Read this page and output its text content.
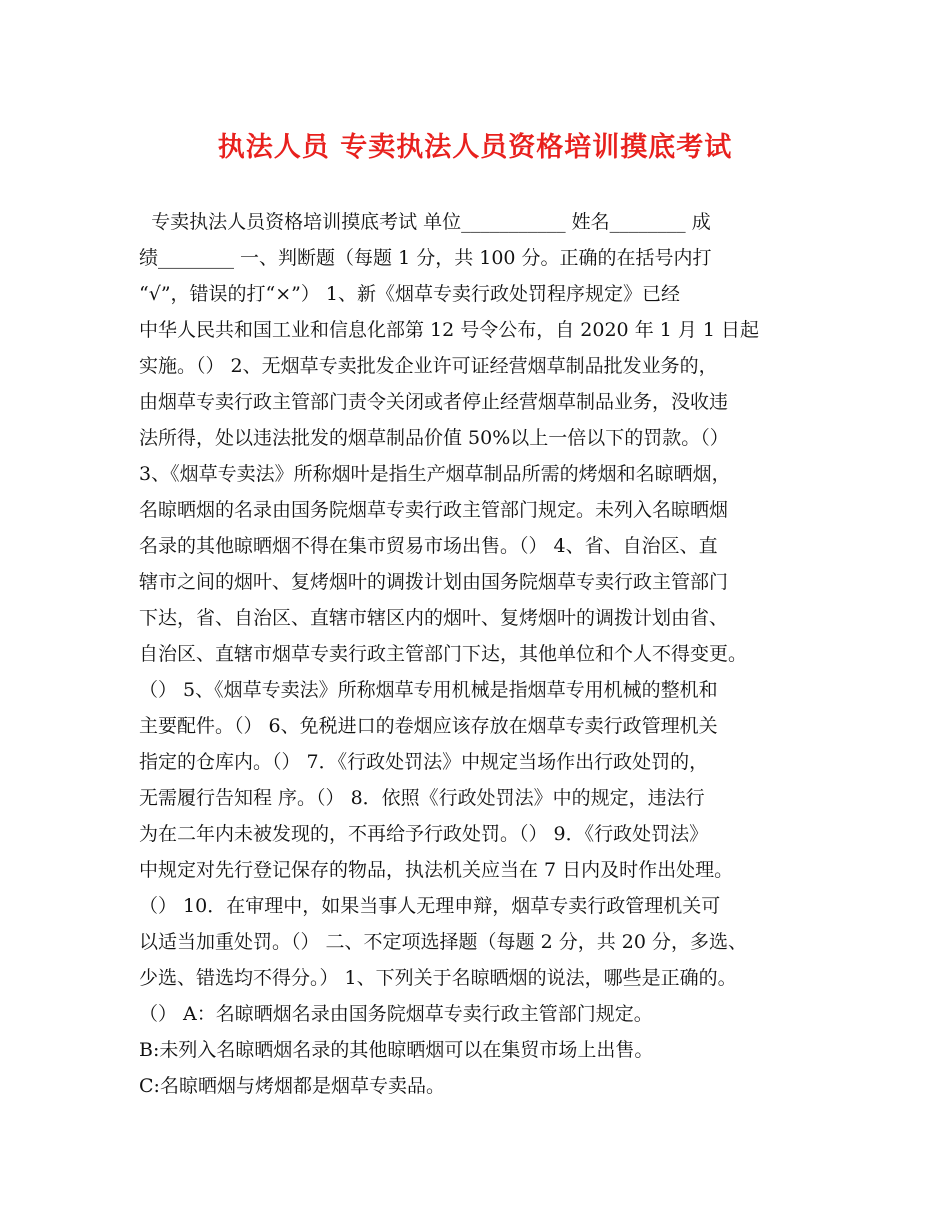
执法人员 专卖执法人员资格培训摸底考试
专卖执法人员资格培训摸底考试 单位___________ 姓名________ 成
绩________ 一、判断题（每题 1 分，共 100 分。正确的在括号内打
“√”，错误的打“×”） 1、新《烟草专卖行政处罚程序规定》已经
中华人民共和国工业和信息化部第 12 号令公布，自 2020 年 1 月 1 日起
实施。（） 2、无烟草专卖批发企业许可证经营烟草制品批发业务的，
由烟草专卖行政主管部门责令关闭或者停止经营烟草制品业务，没收违
法所得，处以违法批发的烟草制品价值 50%以上一倍以下的罚款。（）
3、《烟草专卖法》所称烟叶是指生产烟草制品所需的烤烟和名晾晒烟，
名晾晒烟的名录由国务院烟草专卖行政主管部门规定。未列入名晾晒烟
名录的其他晾晒烟不得在集市贸易市场出售。（） 4、省、自治区、直
辖市之间的烟叶、复烤烟叶的调拨计划由国务院烟草专卖行政主管部门
下达，省、自治区、直辖市辖区内的烟叶、复烤烟叶的调拨计划由省、
自治区、直辖市烟草专卖行政主管部门下达，其他单位和个人不得变更。
（） 5、《烟草专卖法》所称烟草专用机械是指烟草专用机械的整机和
主要配件。（） 6、免税进口的卷烟应该存放在烟草专卖行政管理机关
指定的仓库内。（） 7．《行政处罚法》中规定当场作出行政处罚的，
无需履行告知程 序。（） 8．依照《行政处罚法》中的规定，违法行
为在二年内未被发现的，不再给予行政处罚。（） 9．《行政处罚法》
中规定对先行登记保存的物品，执法机关应当在 7 日内及时作出处理。
（） 10．在审理中，如果当事人无理申辩，烟草专卖行政管理机关可
以适当加重处罚。（） 二、不定项选择题（每题 2 分，共 20 分，多选、
少选、错选均不得分。） 1、下列关于名晾晒烟的说法，哪些是正确的。
（） A：名晾晒烟名录由国务院烟草专卖行政主管部门规定。
B:未列入名晾晒烟名录的其他晾晒烟可以在集贸市场上出售。
C:名晾晒烟与烤烟都是烟草专卖品。
